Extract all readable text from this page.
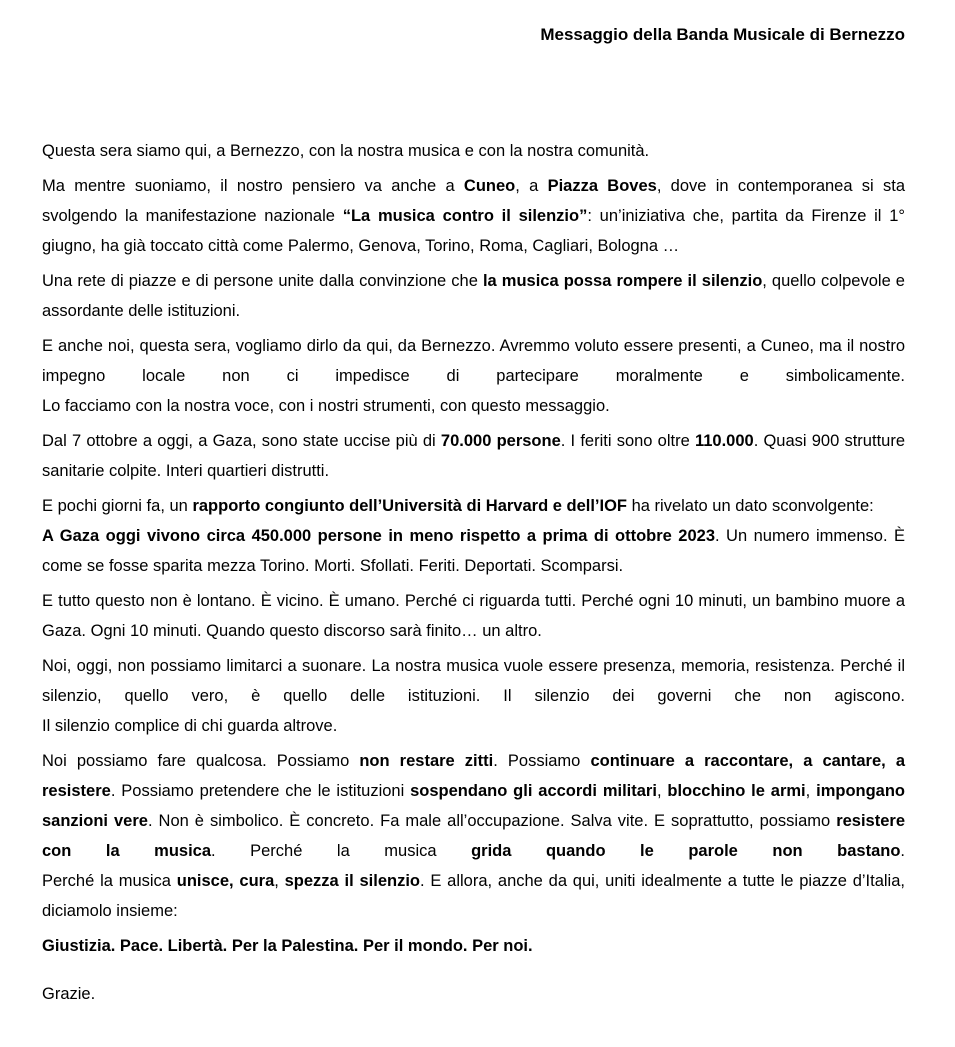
Messaggio della Banda Musicale di Bernezzo

Questa sera siamo qui, a Bernezzo, con la nostra musica e con la nostra comunità.

Ma mentre suoniamo, il nostro pensiero va anche a Cuneo, a Piazza Boves, dove in contemporanea si sta svolgendo la manifestazione nazionale “La musica contro il silenzio”: un’iniziativa che, partita da Firenze il 1° giugno, ha già toccato città come Palermo, Genova, Torino, Roma, Cagliari, Bologna …

Una rete di piazze e di persone unite dalla convinzione che la musica possa rompere il silenzio, quello colpevole e assordante delle istituzioni.

E anche noi, questa sera, vogliamo dirlo da qui, da Bernezzo. Avremmo voluto essere presenti, a Cuneo, ma il nostro impegno locale non ci impedisce di partecipare moralmente e simbolicamente.
Lo facciamo con la nostra voce, con i nostri strumenti, con questo messaggio.

Dal 7 ottobre a oggi, a Gaza, sono state uccise più di 70.000 persone. I feriti sono oltre 110.000. Quasi 900 strutture sanitarie colpite. Interi quartieri distrutti.

E pochi giorni fa, un rapporto congiunto dell’Università di Harvard e dell’IOF ha rivelato un dato sconvolgente:
A Gaza oggi vivono circa 450.000 persone in meno rispetto a prima di ottobre 2023. Un numero immenso. È come se fosse sparita mezza Torino. Morti. Sfollati. Feriti. Deportati. Scomparsi.

E tutto questo non è lontano. È vicino. È umano. Perché ci riguarda tutti. Perché ogni 10 minuti, un bambino muore a Gaza. Ogni 10 minuti. Quando questo discorso sarà finito… un altro.

Noi, oggi, non possiamo limitarci a suonare. La nostra musica vuole essere presenza, memoria, resistenza. Perché il silenzio, quello vero, è quello delle istituzioni. Il silenzio dei governi che non agiscono.
Il silenzio complice di chi guarda altrove.

Noi possiamo fare qualcosa. Possiamo non restare zitti. Possiamo continuare a raccontare, a cantare, a resistere. Possiamo pretendere che le istituzioni sospendano gli accordi militari, blocchino le armi, impongano sanzioni vere. Non è simbolico. È concreto. Fa male all’occupazione. Salva vite. E soprattutto, possiamo resistere con la musica. Perché la musica grida quando le parole non bastano.
Perché la musica unisce, cura, spezza il silenzio. E allora, anche da qui, uniti idealmente a tutte le piazze d’Italia, diciamolo insieme:

Giustizia. Pace. Libertà. Per la Palestina. Per il mondo. Per noi.

Grazie.
